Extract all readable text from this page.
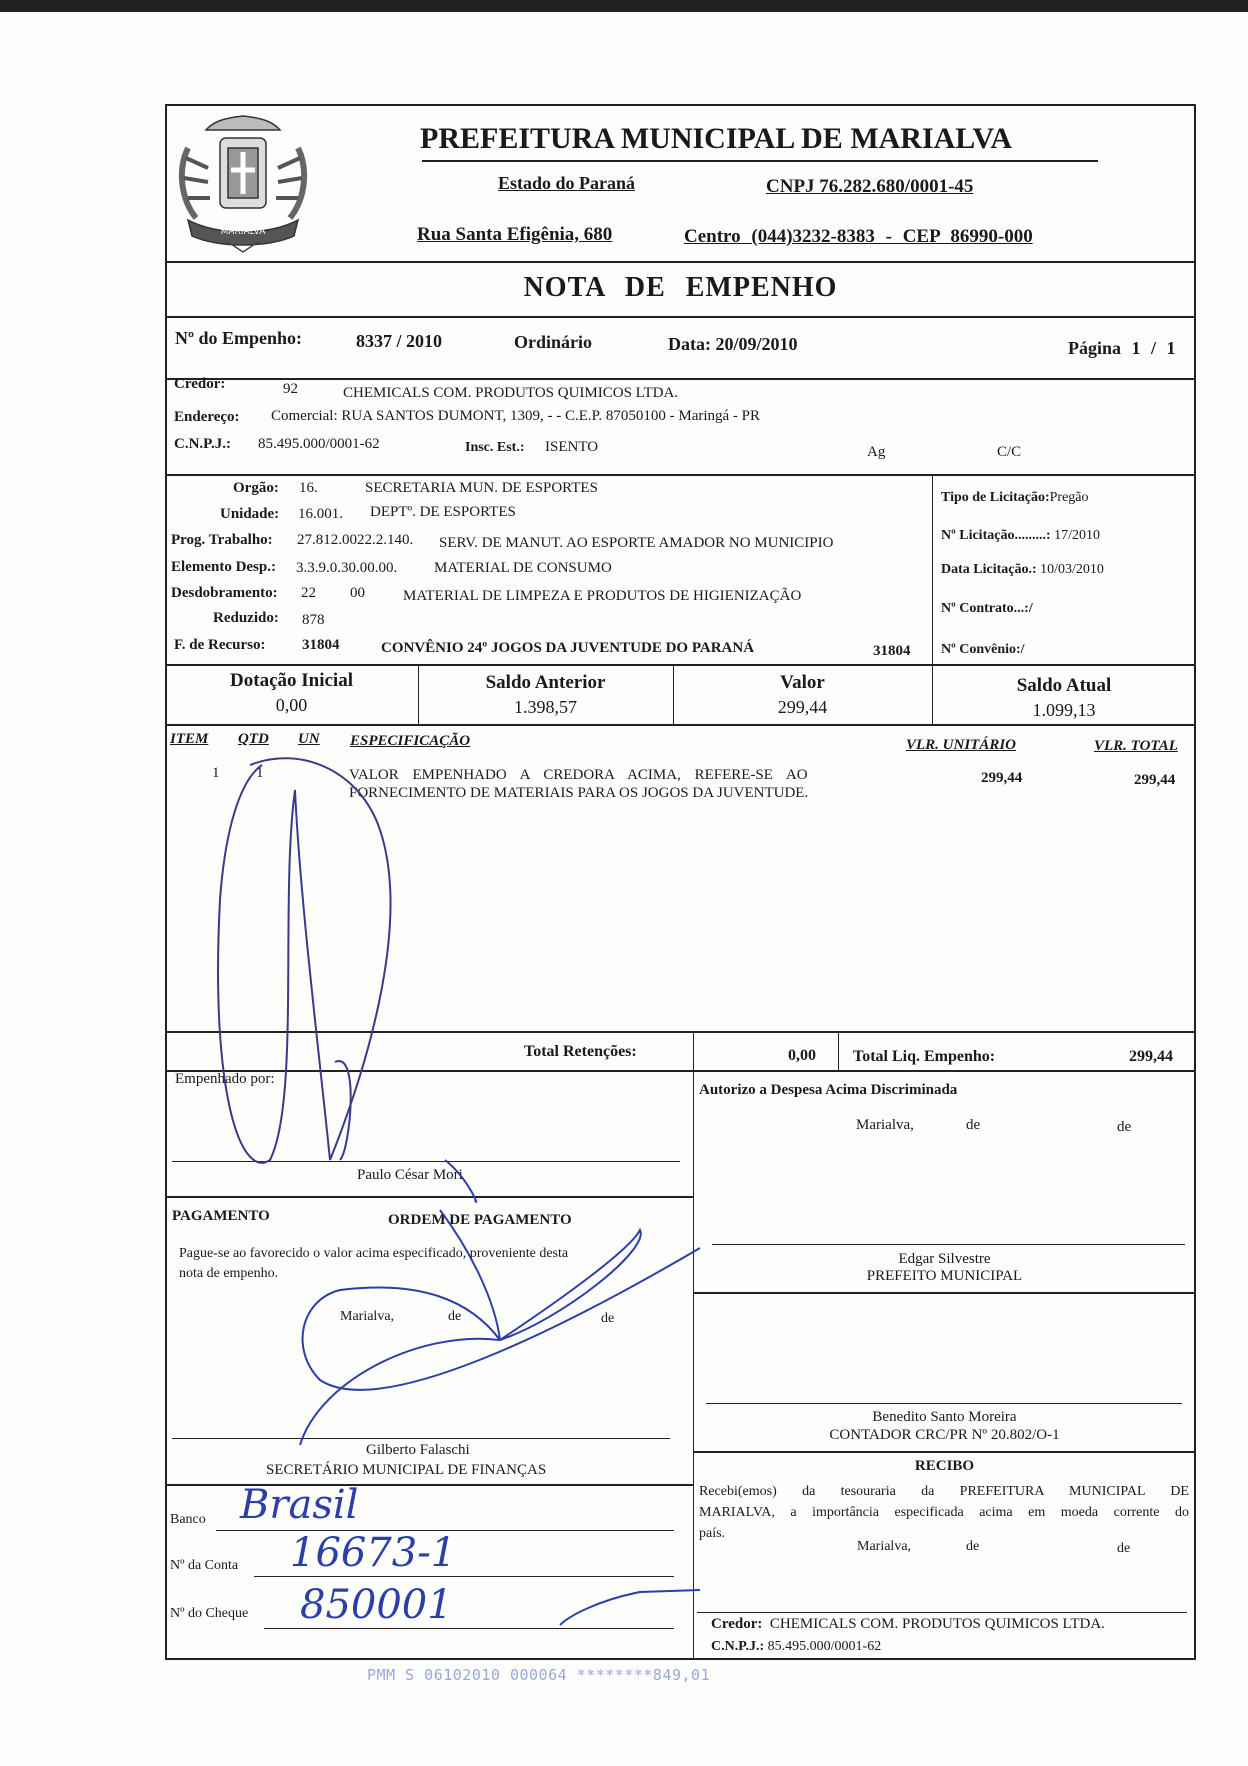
MARIALVA
PREFEITURA MUNICIPAL DE MARIALVA
Estado do Paraná	CNPJ 76.282.680/0001-45
Rua Santa Efigênia, 680	Centro (044)3232-8383 - CEP 86990-000
NOTA DE EMPENHO
Nº do Empenho:	8337 / 2010	Ordinário	Data: 20/09/2010	Página 1 / 1
Credor:	92	CHEMICALS COM. PRODUTOS QUIMICOS LTDA.
Endereço: Comercial: RUA SANTOS DUMONT, 1309, - - C.E.P. 87050100 - Maringá - PR
C.N.P.J.: 85.495.000/0001-62	Insc. Est.: ISENTO	Ag	C/C
Orgão: 16.	SECRETARIA MUN. DE ESPORTES
Unidade: 16.001. DEPTº. DE ESPORTES
Prog. Trabalho: 27.812.0022.2.140. SERV. DE MANUT. AO ESPORTE AMADOR NO MUNICIPIO
Elemento Desp.: 3.3.9.0.30.00.00. MATERIAL DE CONSUMO
Desdobramento: 22 00	MATERIAL DE LIMPEZA E PRODUTOS DE HIGIENIZAÇÃO
Reduzido: 878
F. de Recurso: 31804	CONVÊNIO 24º JOGOS DA JUVENTUDE DO PARANÁ	31804
Tipo de Licitação:Pregão
Nº Licitação.........: 17/2010
Data Licitação.: 10/03/2010
Nº Contrato...:/
Nº Convênio:/
Dotação Inicial
0,00
Saldo Anterior
1.398,57
Valor
299,44
Saldo Atual
1.099,13
ITEM QTD UN ESPECIFICAÇÃO	VLR. UNITÁRIO	VLR. TOTAL
1 1	VALOR EMPENHADO A CREDORA ACIMA, REFERE-SE AO
FORNECIMENTO DE MATERIAIS PARA OS JOGOS DA JUVENTUDE.
299,44	299,44
Total Retenções:	0,00 Total Liq. Empenho:	299,44
Empenhado por:
Paulo César Mori
Autorizo a Despesa Acima Discriminada
Marialva,	de	de
Edgar Silvestre
PREFEITO MUNICIPAL
PAGAMENTO	ORDEM DE PAGAMENTO
Pague-se ao favorecido o valor acima especificado, proveniente desta
nota de empenho.
Marialva,	de	de
Gilberto Falaschi
SECRETÁRIO MUNICIPAL DE FINANÇAS
Benedito Santo Moreira
CONTADOR CRC/PR Nº 20.802/O-1
RECIBO
Recebi(emos) da tesouraria da PREFEITURA MUNICIPAL DE
MARIALVA, a importância especificada acima em moeda corrente do
país.
Marialva,	de	de
Credor: CHEMICALS COM. PRODUTOS QUIMICOS LTDA.
C.N.P.J.: 85.495.000/0001-62
Banco Brasil
Nº da Conta 16673-1
Nº do Cheque 850001
PMM S 06102010 000064 ********849,01
